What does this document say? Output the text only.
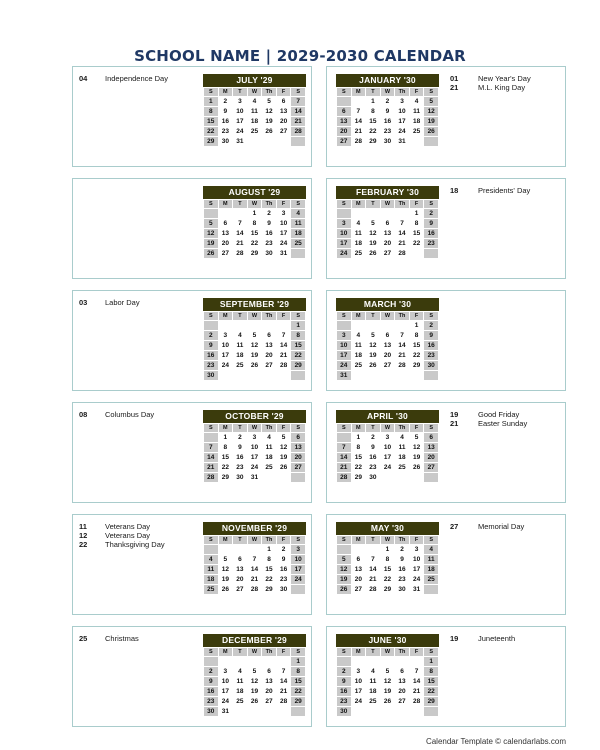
SCHOOL NAME | 2029-2030 CALENDAR
04	Independence Day	JULY '29
S	M	T	W	Th	F	S
1	2	3	4	5	6	7
8	9	10	11	12	13	14
15	16	17	18	19	20	21
22	23	24	25	26	27	28
29	30	31				
01	New Year's Day
21	M.L. King Day
JANUARY '30
S	M	T	W	Th	F	S
		1	2	3	4	5
6	7	8	9	10	11	12
13	14	15	16	17	18	19
20	21	22	23	24	25	26
27	28	29	30	31		
AUGUST '29
S	M	T	W	Th	F	S
			1	2	3	4
5	6	7	8	9	10	11
12	13	14	15	16	17	18
19	20	21	22	23	24	25
26	27	28	29	30	31	
18	Presidents' Day
FEBRUARY '30
S	M	T	W	Th	F	S
					1	2
3	4	5	6	7	8	9
10	11	12	13	14	15	16
17	18	19	20	21	22	23
24	25	26	27	28		
03	Labor Day	SEPTEMBER '29
S	M	T	W	Th	F	S
						1
2	3	4	5	6	7	8
9	10	11	12	13	14	15
16	17	18	19	20	21	22
23	24	25	26	27	28	29
30						
MARCH '30
S	M	T	W	Th	F	S
					1	2
3	4	5	6	7	8	9
10	11	12	13	14	15	16
17	18	19	20	21	22	23
24	25	26	27	28	29	30
31						
08	Columbus Day	OCTOBER '29
S	M	T	W	Th	F	S
	1	2	3	4	5	6
7	8	9	10	11	12	13
14	15	16	17	18	19	20
21	22	23	24	25	26	27
28	29	30	31			
19	Good Friday
21	Easter Sunday
APRIL '30
S	M	T	W	Th	F	S
	1	2	3	4	5	6
7	8	9	10	11	12	13
14	15	16	17	18	19	20
21	22	23	24	25	26	27
28	29	30				
11	Veterans Day
12	Veterans Day
22	Thanksgiving Day
NOVEMBER '29
S	M	T	W	Th	F	S
				1	2	3
4	5	6	7	8	9	10
11	12	13	14	15	16	17
18	19	20	21	22	23	24
25	26	27	28	29	30	
27	Memorial Day
MAY '30
S	M	T	W	Th	F	S
			1	2	3	4
5	6	7	8	9	10	11
12	13	14	15	16	17	18
19	20	21	22	23	24	25
26	27	28	29	30	31	
25	Christmas	DECEMBER '29
S	M	T	W	Th	F	S
						1
2	3	4	5	6	7	8
9	10	11	12	13	14	15
16	17	18	19	20	21	22
23	24	25	26	27	28	29
30	31					
19	Juneteenth
JUNE '30
S	M	T	W	Th	F	S
						1
2	3	4	5	6	7	8
9	10	11	12	13	14	15
16	17	18	19	20	21	22
23	24	25	26	27	28	29
30						
Calendar Template © calendarlabs.com
